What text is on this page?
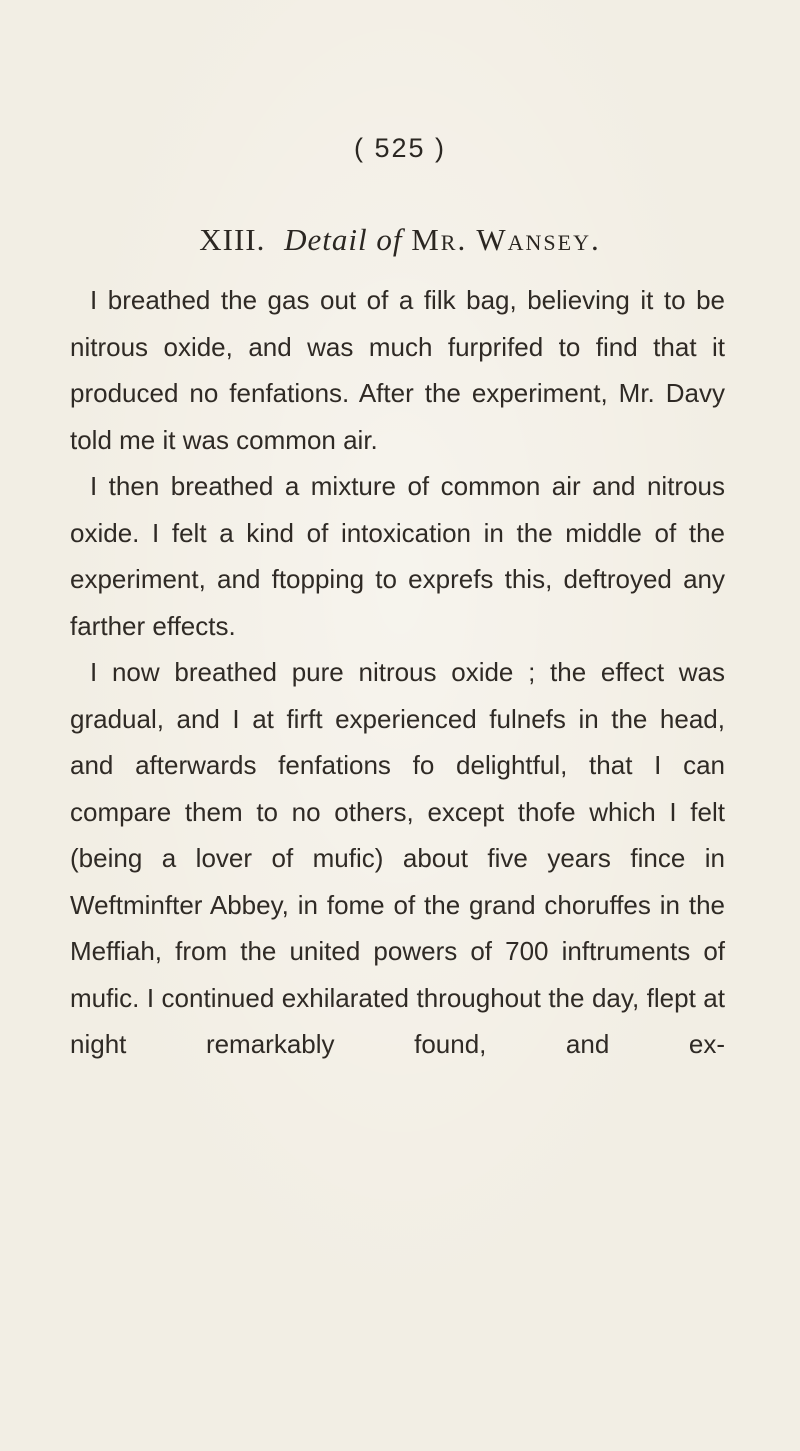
( 525 )
XIII. Detail of Mr. Wansey.

I breathed the gas out of a filk bag, believing it to be nitrous oxide, and was much furprifed to find that it produced no fenfations. After the experiment, Mr. Davy told me it was common air.

I then breathed a mixture of common air and nitrous oxide. I felt a kind of intoxication in the middle of the experiment, and ftopping to exprefs this, deftroyed any farther effects.

I now breathed pure nitrous oxide ; the effect was gradual, and I at firft experienced fulnefs in the head, and afterwards fenfations fo delightful, that I can compare them to no others, except thofe which I felt (being a lover of mufic) about five years fince in Weftminfter Abbey, in fome of the grand choruffes in the Meffiah, from the united powers of 700 inftruments of mufic. I continued exhilarated throughout the day, flept at night remarkably found, and ex-
